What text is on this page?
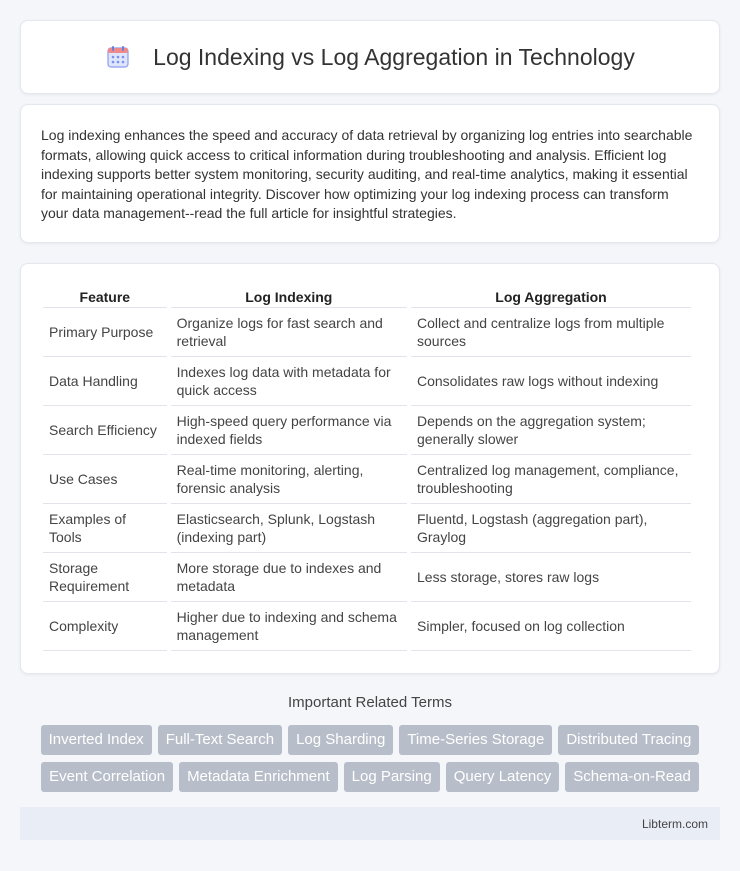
Log Indexing vs Log Aggregation in Technology

Log indexing enhances the speed and accuracy of data retrieval by organizing log entries into searchable formats, allowing quick access to critical information during troubleshooting and analysis. Efficient log indexing supports better system monitoring, security auditing, and real-time analytics, making it essential for maintaining operational integrity. Discover how optimizing your log indexing process can transform your data management--read the full article for insightful strategies.

Feature	Log Indexing	Log Aggregation
Primary Purpose	Organize logs for fast search and retrieval	Collect and centralize logs from multiple sources
Data Handling	Indexes log data with metadata for quick access	Consolidates raw logs without indexing
Search Efficiency	High-speed query performance via indexed fields	Depends on the aggregation system; generally slower
Use Cases	Real-time monitoring, alerting, forensic analysis	Centralized log management, compliance, troubleshooting
Examples of Tools	Elasticsearch, Splunk, Logstash (indexing part)	Fluentd, Logstash (aggregation part), Graylog
Storage Requirement	More storage due to indexes and metadata	Less storage, stores raw logs
Complexity	Higher due to indexing and schema management	Simpler, focused on log collection
Important Related Terms
Inverted Index	Full-Text Search	Log Sharding	Time-Series Storage	Distributed Tracing
Event Correlation	Metadata Enrichment	Log Parsing	Query Latency	Schema-on-Read
Libterm.com
